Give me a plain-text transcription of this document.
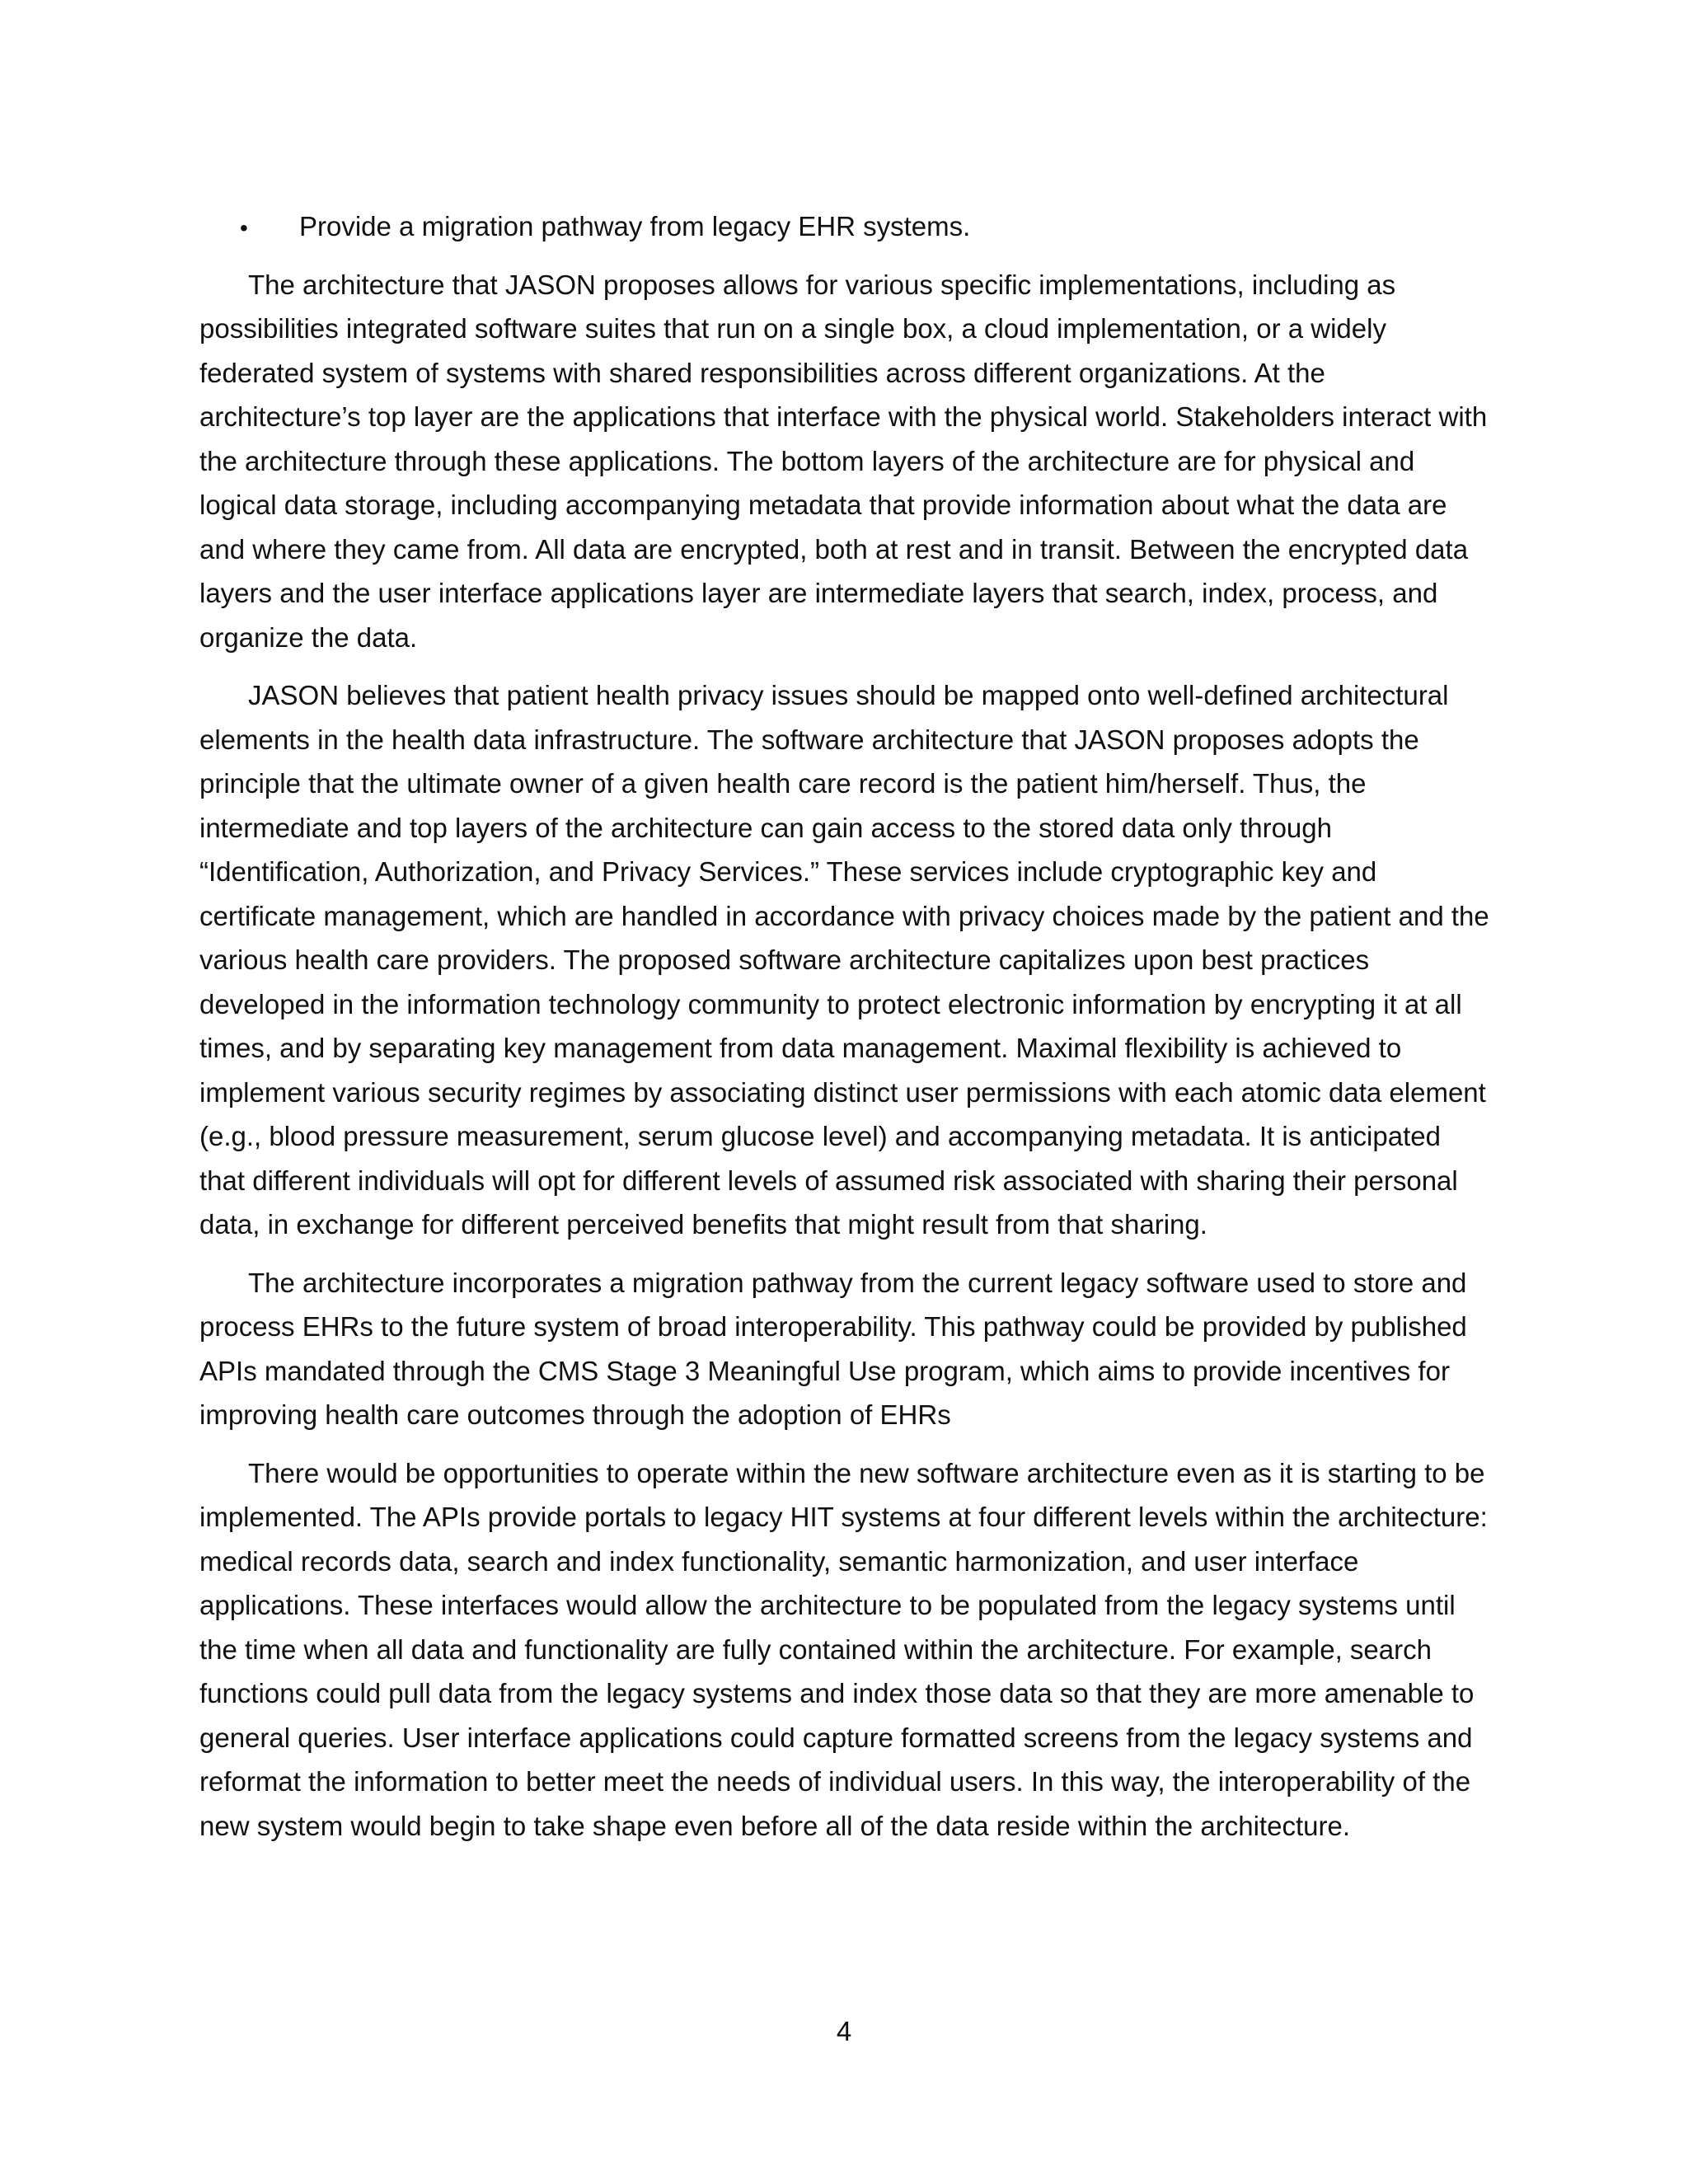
•	Provide a migration pathway from legacy EHR systems.

The architecture that JASON proposes allows for various specific implementations, including as possibilities integrated software suites that run on a single box, a cloud implementation, or a widely federated system of systems with shared responsibilities across different organizations. At the architecture’s top layer are the applications that interface with the physical world. Stakeholders interact with the architecture through these applications. The bottom layers of the architecture are for physical and logical data storage, including accompanying metadata that provide information about what the data are and where they came from. All data are encrypted, both at rest and in transit. Between the encrypted data layers and the user interface applications layer are intermediate layers that search, index, process, and organize the data.

JASON believes that patient health privacy issues should be mapped onto well-defined architectural elements in the health data infrastructure. The software architecture that JASON proposes adopts the principle that the ultimate owner of a given health care record is the patient him/herself. Thus, the intermediate and top layers of the architecture can gain access to the stored data only through “Identification, Authorization, and Privacy Services.” These services include cryptographic key and certificate management, which are handled in accordance with privacy choices made by the patient and the various health care providers. The proposed software architecture capitalizes upon best practices developed in the information technology community to protect electronic information by encrypting it at all times, and by separating key management from data management. Maximal flexibility is achieved to implement various security regimes by associating distinct user permissions with each atomic data element (e.g., blood pressure measurement, serum glucose level) and accompanying metadata. It is anticipated that different individuals will opt for different levels of assumed risk associated with sharing their personal data, in exchange for different perceived benefits that might result from that sharing.

The architecture incorporates a migration pathway from the current legacy software used to store and process EHRs to the future system of broad interoperability. This pathway could be provided by published APIs mandated through the CMS Stage 3 Meaningful Use program, which aims to provide incentives for improving health care outcomes through the adoption of EHRs

There would be opportunities to operate within the new software architecture even as it is starting to be implemented. The APIs provide portals to legacy HIT systems at four different levels within the architecture: medical records data, search and index functionality, semantic harmonization, and user interface applications. These interfaces would allow the architecture to be populated from the legacy systems until the time when all data and functionality are fully contained within the architecture. For example, search functions could pull data from the legacy systems and index those data so that they are more amenable to general queries. User interface applications could capture formatted screens from the legacy systems and reformat the information to better meet the needs of individual users. In this way, the interoperability of the new system would begin to take shape even before all of the data reside within the architecture.

4
